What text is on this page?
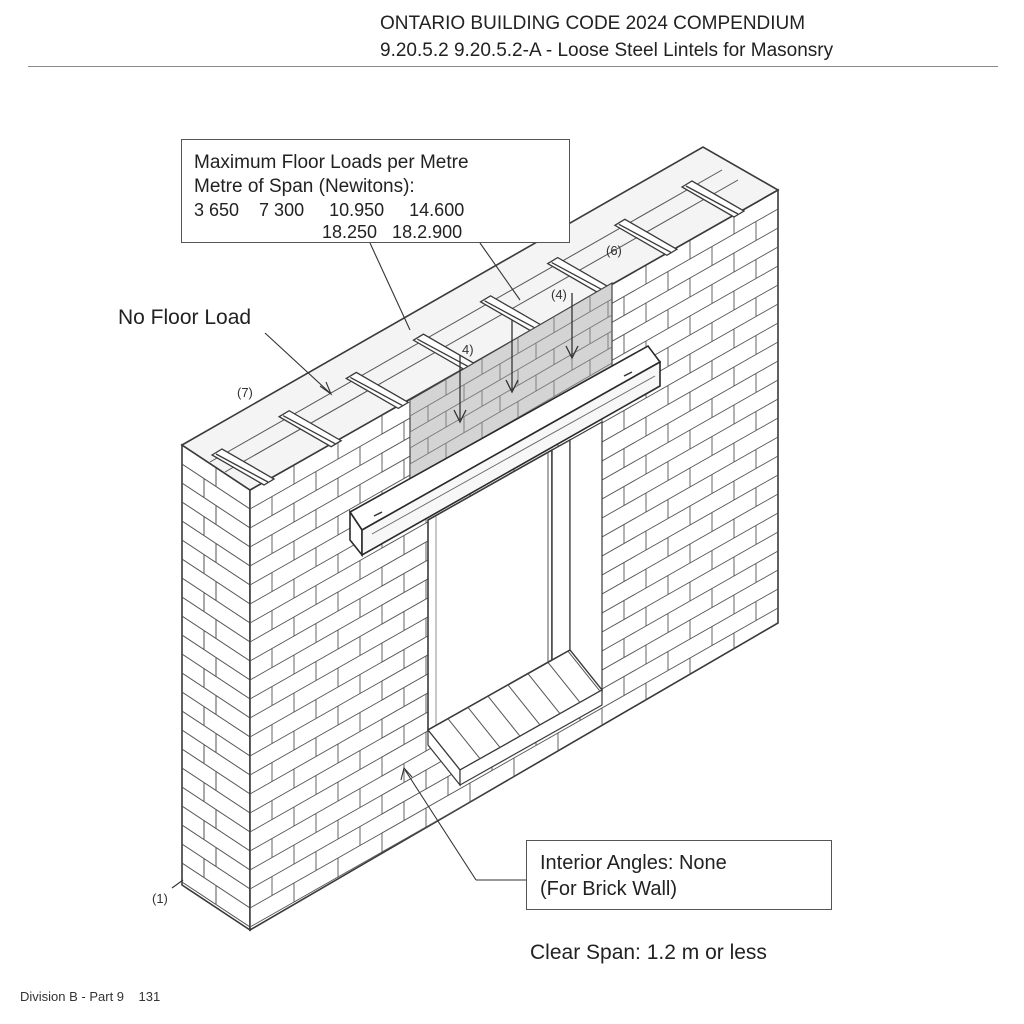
ONTARIO BUILDING CODE 2024 COMPENDIUM
9.20.5.2 9.20.5.2-A - Loose Steel Lintels for Masonsry
Maximum Floor Loads per Metre
Metre of Span (Newitons):
3 650    7 300     10.950     14.600
18.250   18.2.900
No Floor Load
Interior Angles: None
(For Brick Wall)
Clear Span: 1.2 m or less
Division B - Part 9    131
(7)
(1)
4)
(4)
(6)
